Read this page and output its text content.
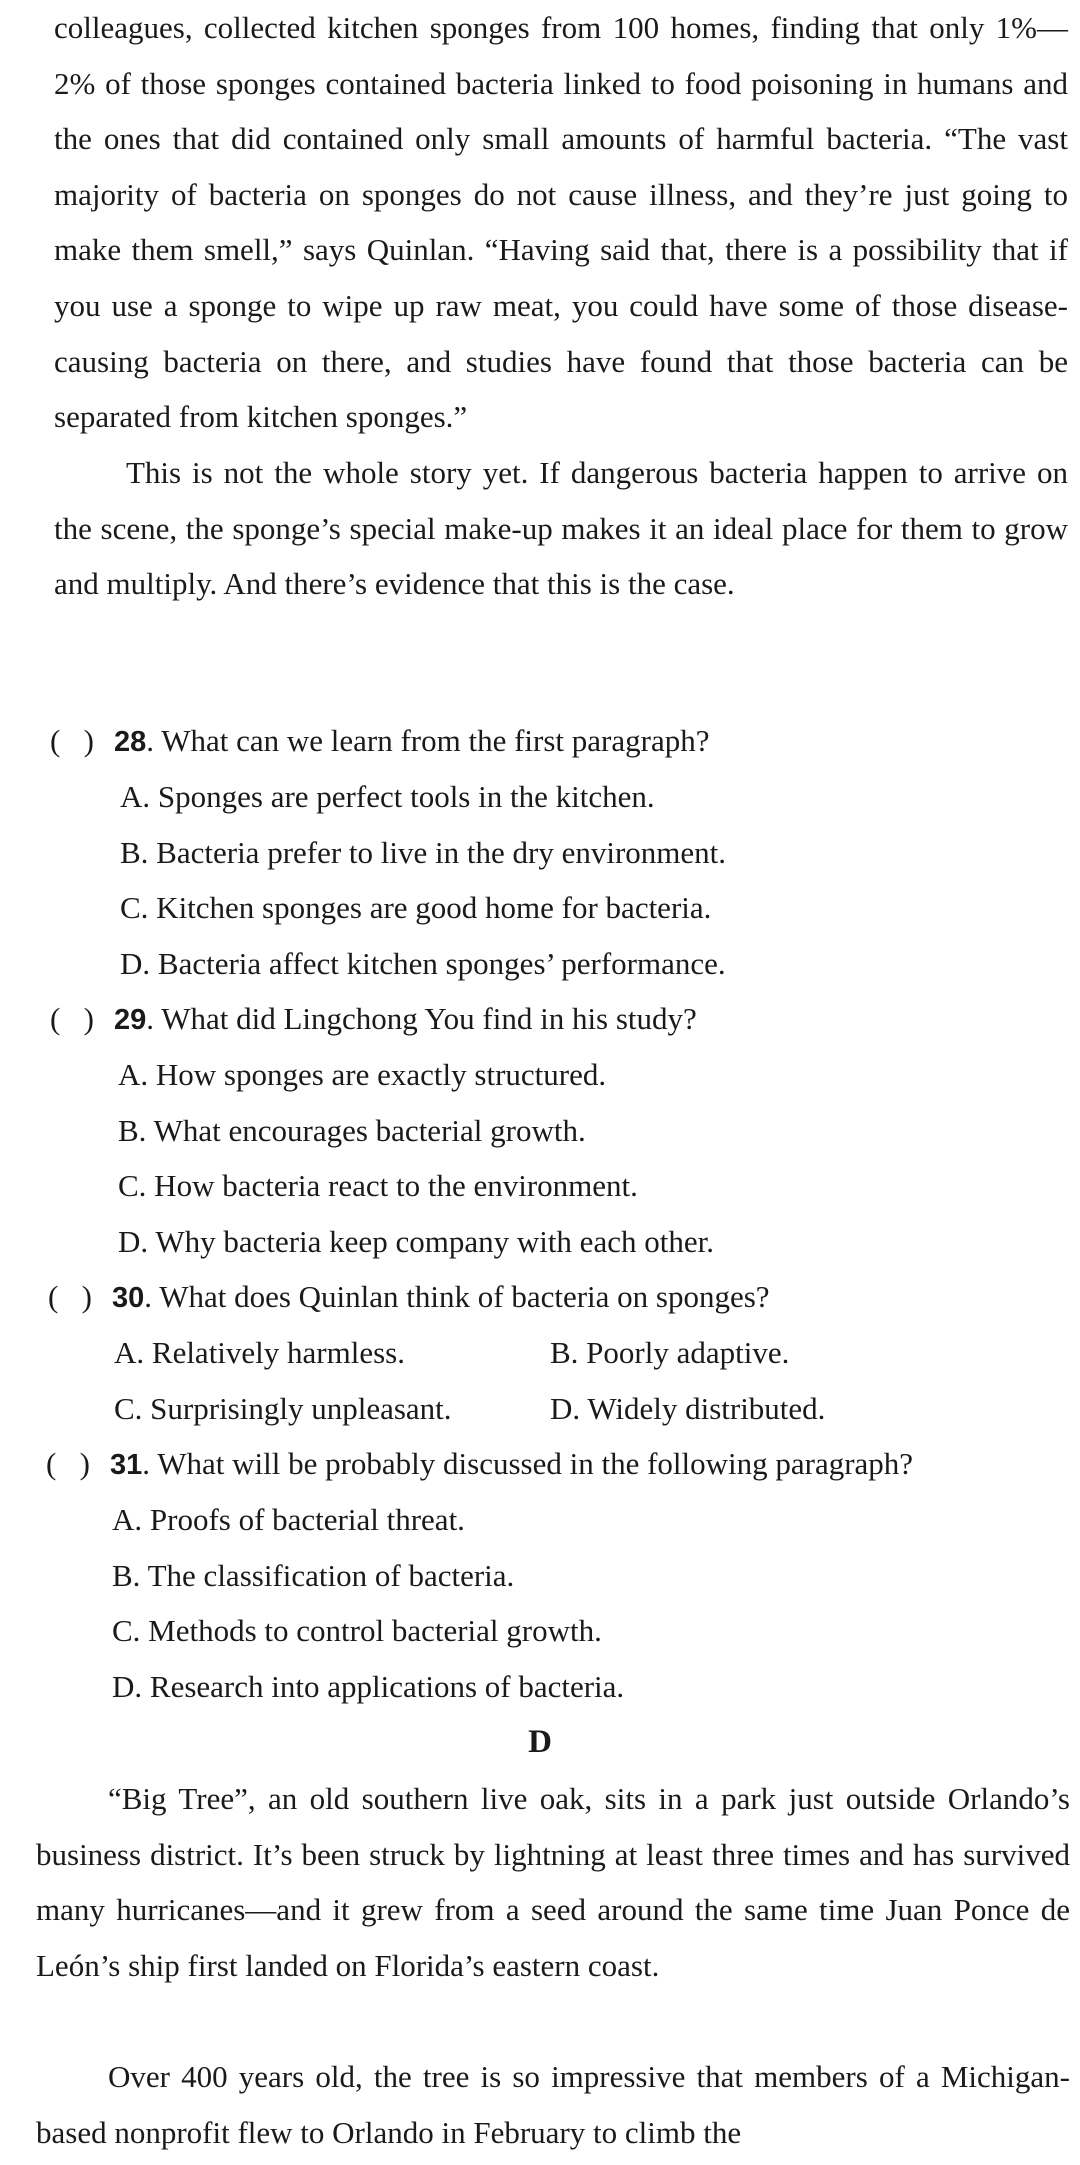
colleagues, collected kitchen sponges from 100 homes, finding that only 1%—2% of those sponges contained bacteria linked to food poisoning in humans and the ones that did contained only small amounts of harmful bacteria. “The vast majority of bacteria on sponges do not cause illness, and they’re just going to make them smell,” says Quinlan. “Having said that, there is a possibility that if you use a sponge to wipe up raw meat, you could have some of those disease-causing bacteria on there, and studies have found that those bacteria can be separated from kitchen sponges.”

This is not the whole story yet. If dangerous bacteria happen to arrive on the scene, the sponge’s special make-up makes it an ideal place for them to grow and multiply. And there’s evidence that this is the case.

(   ) 28. What can we learn from the first paragraph?
A. Sponges are perfect tools in the kitchen.
B. Bacteria prefer to live in the dry environment.
C. Kitchen sponges are good home for bacteria.
D. Bacteria affect kitchen sponges’ performance.
(   ) 29. What did Lingchong You find in his study?
A. How sponges are exactly structured.
B. What encourages bacterial growth.
C. How bacteria react to the environment.
D. Why bacteria keep company with each other.
(   ) 30. What does Quinlan think of bacteria on sponges?
A. Relatively harmless.	B. Poorly adaptive.
C. Surprisingly unpleasant.	D. Widely distributed.
(   ) 31. What will be probably discussed in the following paragraph?
A. Proofs of bacterial threat.
B. The classification of bacteria.
C. Methods to control bacterial growth.
D. Research into applications of bacteria.
D

“Big Tree”, an old southern live oak, sits in a park just outside Orlando’s business district. It’s been struck by lightning at least three times and has survived many hurricanes—and it grew from a seed around the same time Juan Ponce de León’s ship first landed on Florida’s eastern coast.

Over 400 years old, the tree is so impressive that members of a Michigan-based nonprofit flew to Orlando in February to climb the
